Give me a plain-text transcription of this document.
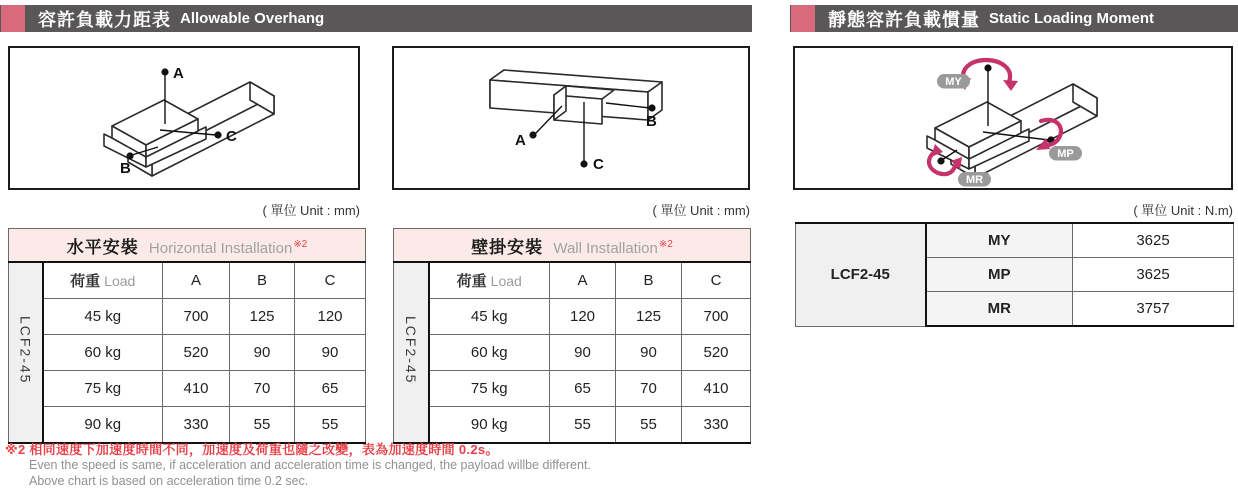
容許負載力距表 Allowable Overhang	靜態容許負載慣量 Static Loading Moment
A
B
C	A
B
C
MY
MP
MR
( 單位 Unit : mm)	( 單位 Unit : mm)	( 單位 Unit : N.m)
水平安裝 Horizontal Installation$^{※2}$
LCF2-45	荷重 Load	A	B	C
	45 kg	700	125	120
	60 kg	520	90	90
	75 kg	410	70	65
	90 kg	330	55	55
壁掛安裝 Wall Installation$^{※2}$
LCF2-45	荷重 Load	A	B	C
	45 kg	120	125	700
	60 kg	90	90	520
	75 kg	65	70	410
	90 kg	55	55	330
LCF2-45	MY	3625
	MP	3625
	MR	3757
※2 相同速度下加速度時間不同，加速度及荷重也隨之改變，表為加速度時間 0.2s。
Even the speed is same, if acceleration and acceleration time is changed, the payload willbe different.
Above chart is based on acceleration time 0.2 sec.
